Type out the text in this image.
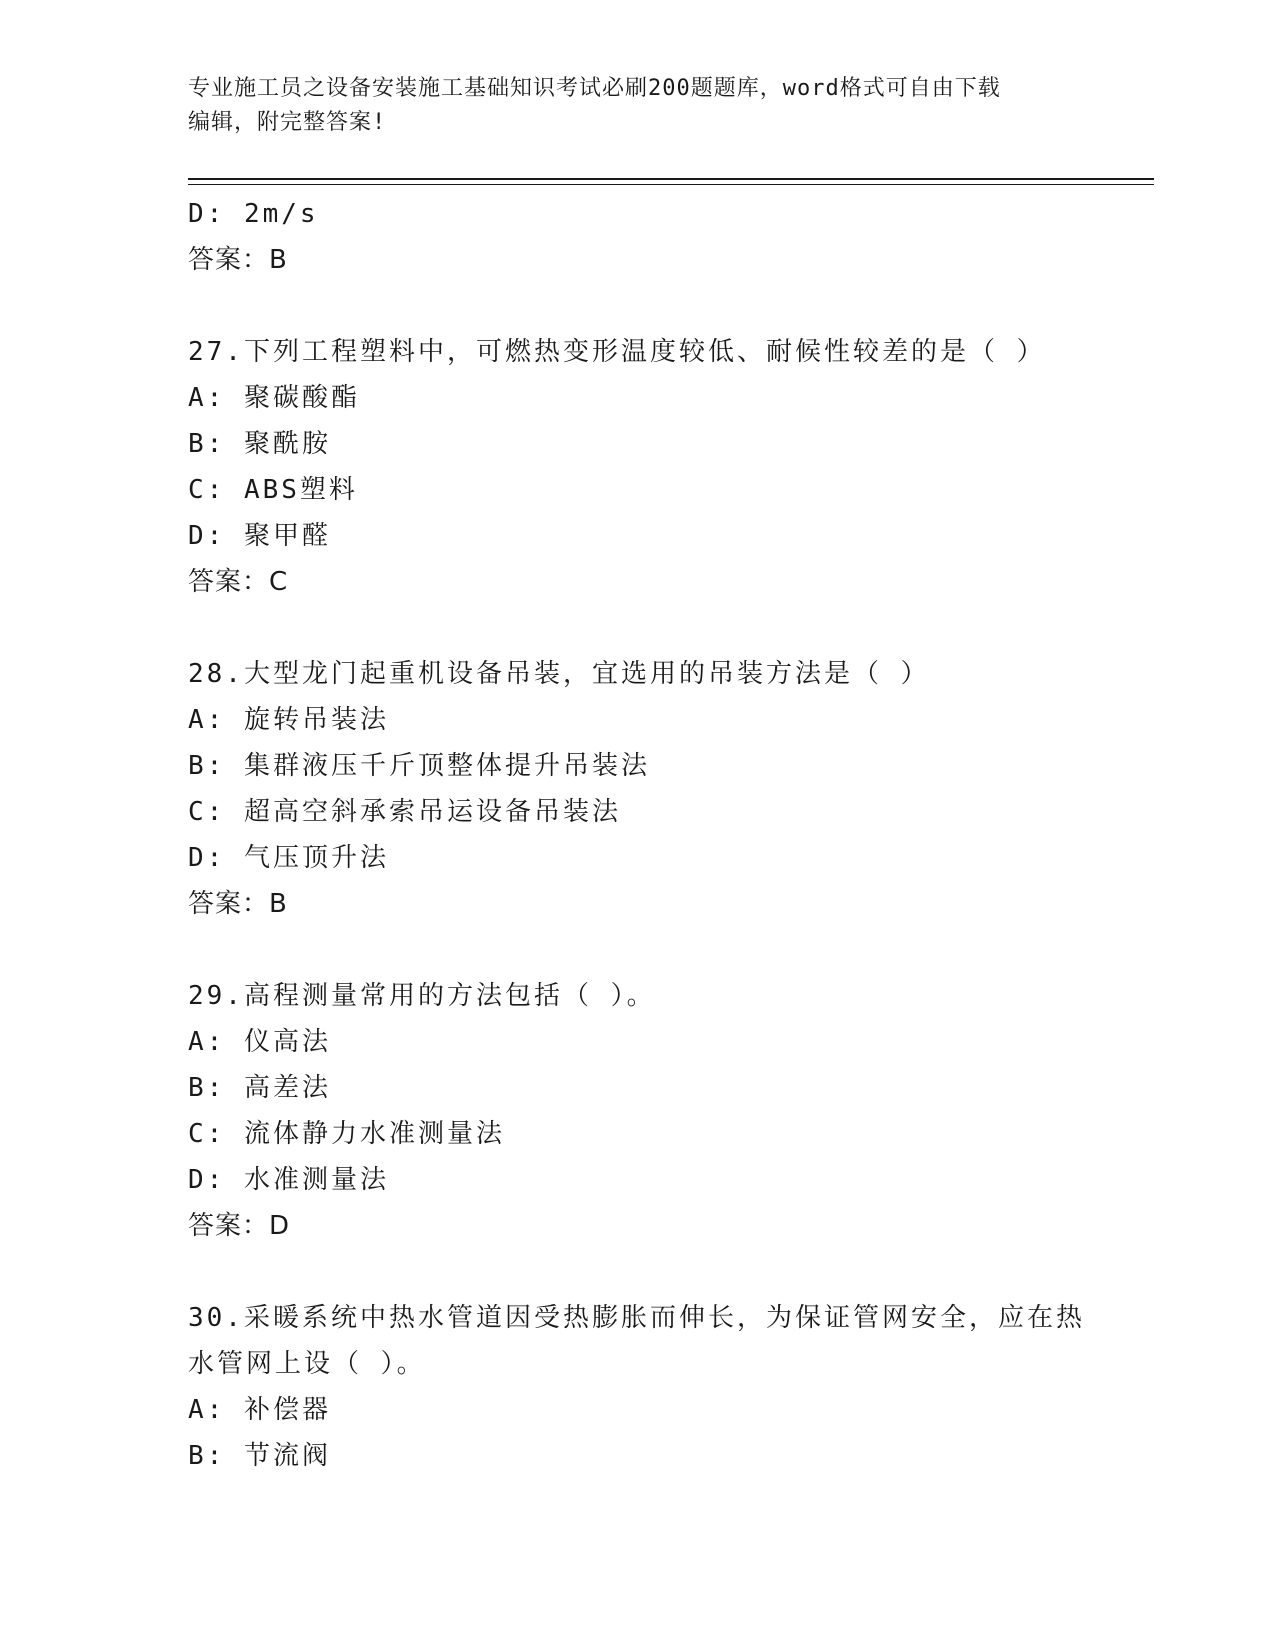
专业施工员之设备安装施工基础知识考试必刷200题题库，word格式可自由下载
编辑，附完整答案!
D: 2m/s
答案：B
27.下列工程塑料中，可燃热变形温度较低、耐候性较差的是（ ）
A: 聚碳酸酯
B: 聚酰胺
C: ABS塑料
D: 聚甲醛
答案：C
28.大型龙门起重机设备吊装，宜选用的吊装方法是（ ）
A: 旋转吊装法
B: 集群液压千斤顶整体提升吊装法
C: 超高空斜承索吊运设备吊装法
D: 气压顶升法
答案：B
29.高程测量常用的方法包括（ ）。
A: 仪高法
B: 高差法
C: 流体静力水准测量法
D: 水准测量法
答案：D
30.采暖系统中热水管道因受热膨胀而伸长，为保证管网安全，应在热
水管网上设（ ）。
A: 补偿器
B: 节流阀
